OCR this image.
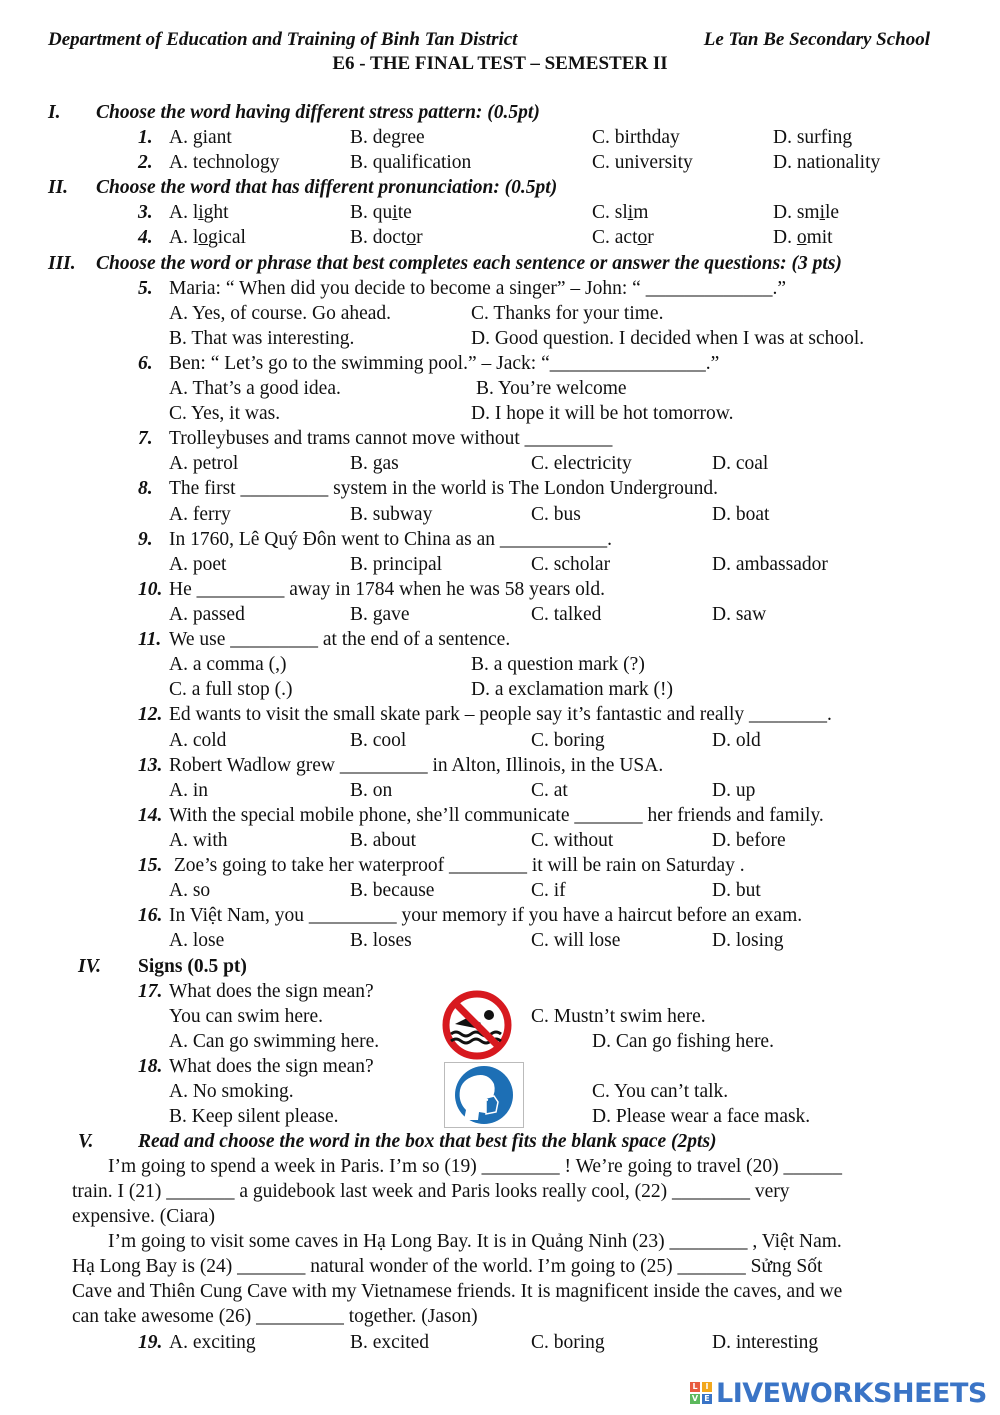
Department of Education and Training of Binh Tan District	Le Tan Be Secondary School
E6 - THE FINAL TEST – SEMESTER II
I. Choose the word having different stress pattern: (0.5pt)
1. A. giant	B. degree	C. birthday	D. surfing
2. A. technology	B. qualification	C. university	D. nationality
II. Choose the word that has different pronunciation: (0.5pt)
3. A. light	B. quite	C. slim	D. smile
4. A. logical	B. doctor	C. actor	D. omit
III. Choose the word or phrase that best completes each sentence or answer the questions: (3 pts)
5. Maria: “ When did you decide to become a singer” – John: “ _____________.”
A. Yes, of course. Go ahead.	C. Thanks for your time.
B. That was interesting.	D. Good question. I decided when I was at school.
6. Ben: “ Let’s go to the swimming pool.” – Jack: “________________.”
A. That’s a good idea.	B. You’re welcome
C. Yes, it was.	D. I hope it will be hot tomorrow.
7. Trolleybuses and trams cannot move without _________
A. petrol	B. gas	C. electricity	D. coal
8. The first _________ system in the world is The London Underground.
A. ferry	B. subway	C. bus	D. boat
9. In 1760, Lê Quý Đôn went to China as an ___________.
A. poet	B. principal	C. scholar	D. ambassador
10. He _________ away in 1784 when he was 58 years old.
A. passed	B. gave	C. talked	D. saw
11. We use _________ at the end of a sentence.
A. a comma (,)	B. a question mark (?)
C. a full stop (.)	D. a exclamation mark (!)
12. Ed wants to visit the small skate park – people say it’s fantastic and really ________.
A. cold	B. cool	C. boring	D. old
13. Robert Wadlow grew _________ in Alton, Illinois, in the USA.
A. in	B. on	C. at	D. up
14. With the special mobile phone, she’ll communicate _______ her friends and family.
A. with	B. about	C. without	D. before
15. Zoe’s going to take her waterproof ________ it will be rain on Saturday .
A. so	B. because	C. if	D. but
16. In Việt Nam, you _________ your memory if you have a haircut before an exam.
A. lose	B. loses	C. will lose	D. losing
IV. Signs (0.5 pt)
17. What does the sign mean?
You can swim here.	C. Mustn’t swim here.
A. Can go swimming here.	D. Can go fishing here.
18. What does the sign mean?
A. No smoking.	C. You can’t talk.
B. Keep silent please.	D. Please wear a face mask.
V. Read and choose the word in the box that best fits the blank space (2pts)
I’m going to spend a week in Paris. I’m so (19) ________ ! We’re going to travel (20) ______
train. I (21) _______ a guidebook last week and Paris looks really cool, (22) ________ very
expensive. (Ciara)
I’m going to visit some caves in Hạ Long Bay. It is in Quảng Ninh (23) ________ , Việt Nam.
Hạ Long Bay is (24) _______ natural wonder of the world. I’m going to (25) _______ Sửng Sốt
Cave and Thiên Cung Cave with my Vietnamese friends. It is magnificent inside the caves, and we
can take awesome (26) _________ together. (Jason)
19. A. exciting	B. excited	C. boring	D. interesting
L I
V E LIVEWORKSHEETS
